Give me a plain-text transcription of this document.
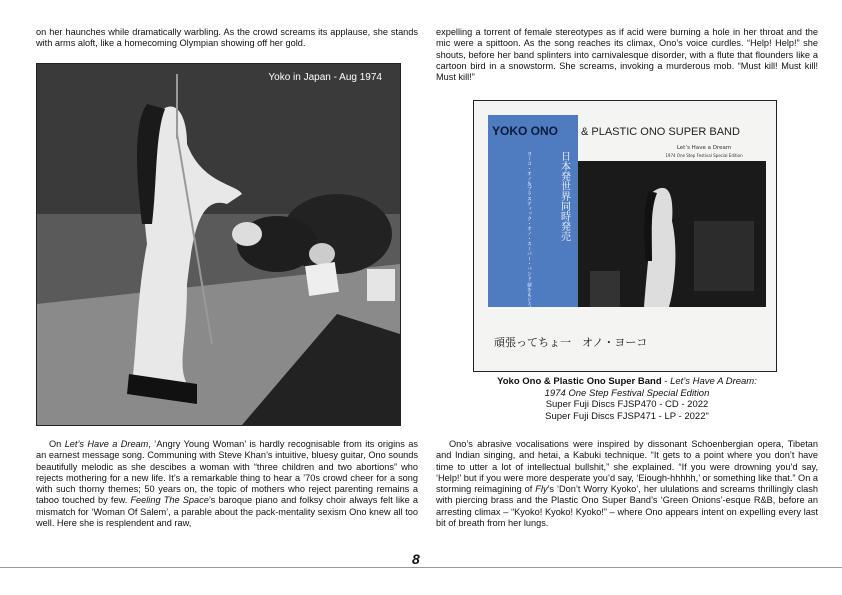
on her haunches while dramatically warbling. As the crowd screams its applause, she stands with arms aloft, like a homecoming Olympian showing off her gold.

expelling a torrent of female stereotypes as if acid were burning a hole in her throat and the mic were a spittoon. As the song reaches its climax, Ono’s voice curdles. “Help! Help!” she shouts, before her band splinters into carnivalesque disorder, with a flute that flounders like a cartoon bird in a snowstorm. She screams, invoking a murderous mob. “Must kill! Must kill! Must kill!”

Yoko in Japan - Aug 1974
YOKO ONO & PLASTIC ONO SUPER BAND
Let’s Have a Dream
1974 One Step Festival Special Edition
日本発世界同時発売
ヨーコ・オノ＆プラスティック・オノ・スーパー・バンド 夢をもとう
頑張ってちょ一　オノ・ヨーコ

Yoko Ono & Plastic Ono Super Band - Let’s Have A Dream:

1974 One Step Festival Special Edition

Super Fuji Discs FJSP470 - CD - 2022

Super Fuji Discs FJSP471 - LP - 2022"

On Let’s Have a Dream, ‘Angry Young Woman’ is hardly recognisable from its origins as an earnest message song. Communing with Steve Khan’s intuitive, bluesy guitar, Ono sounds beautifully melodic as she descibes a woman with “three children and two abortions” who rejects mothering for a new life. It’s a remarkable thing to hear a ’70s crowd cheer for a song with such thorny themes; 50 years on, the topic of mothers who reject parenting remains a taboo touched by few. Feeling The Space’s baroque piano and folksy choir always felt like a mismatch for ‘Woman Of Salem’, a parable about the pack-mentality sexism Ono knew all too well. Here she is resplendent and raw,

Ono’s abrasive vocalisations were inspired by dissonant Schoenbergian opera, Tibetan and Indian singing, and hetai, a Kabuki technique. “It gets to a point where you don’t have time to utter a lot of intellectual bullshit,” she explained. “If you were drowning you’d say, ‘Help!’ but if you were more desperate you’d say, ‘Eiough-hhhhh,’ or something like that.” On a storming reimagining of Fly’s ‘Don’t Worry Kyoko’, her ululations and screams thrillingly clash with piercing brass and the Plastic Ono Super Band’s ‘Green Onions’-esque R&B, before an arresting climax – “Kyoko! Kyoko! Kyoko!” – where Ono appears intent on expelling every last bit of breath from her lungs.

8
